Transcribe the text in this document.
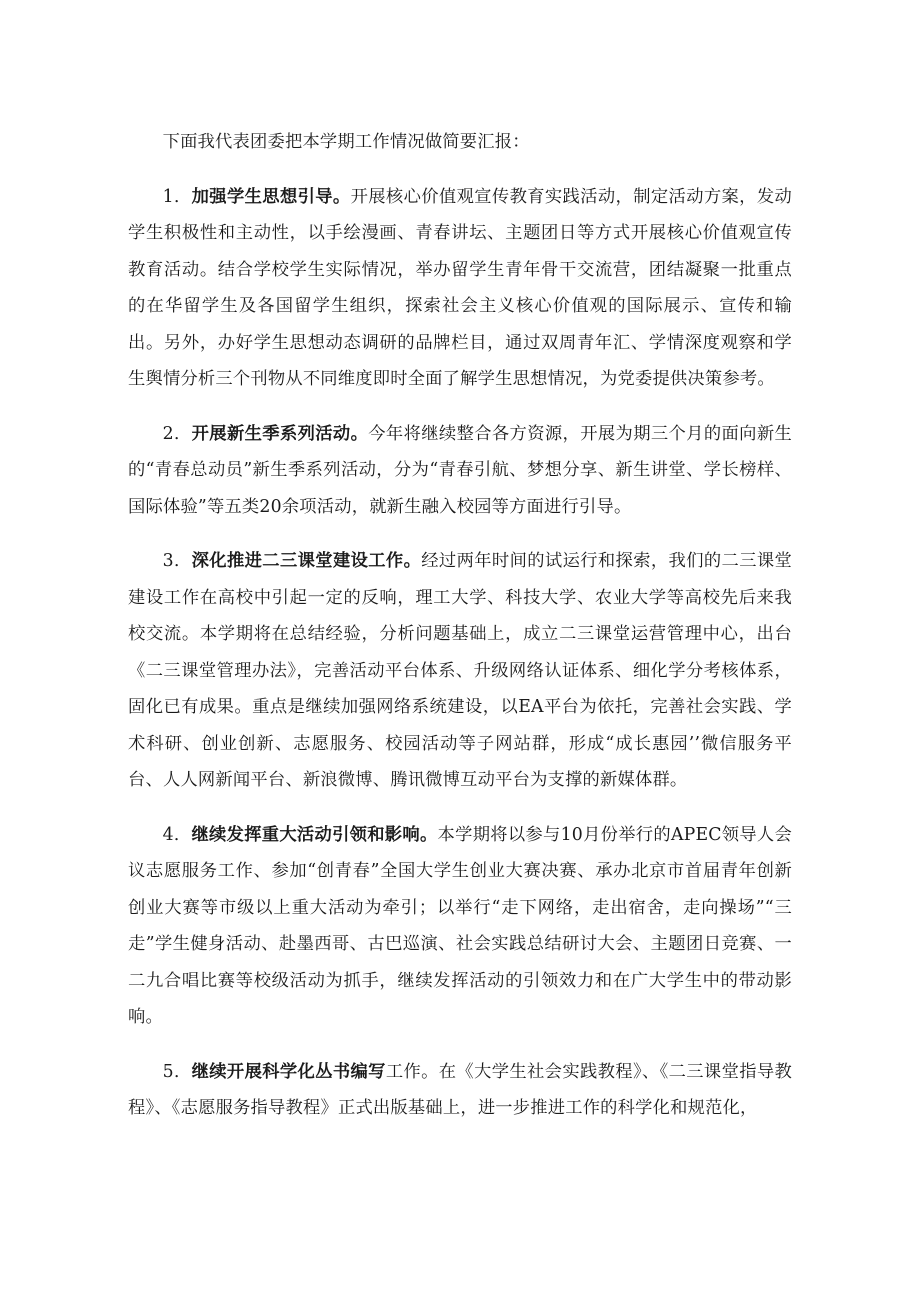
下面我代表团委把本学期工作情况做简要汇报：

1．加强学生思想引导。开展核心价值观宣传教育实践活动，制定活动方案，发动学生积极性和主动性，以手绘漫画、青春讲坛、主题团日等方式开展核心价值观宣传教育活动。结合学校学生实际情况，举办留学生青年骨干交流营，团结凝聚一批重点的在华留学生及各国留学生组织，探索社会主义核心价值观的国际展示、宣传和输出。另外，办好学生思想动态调研的品牌栏目，通过双周青年汇、学情深度观察和学生舆情分析三个刊物从不同维度即时全面了解学生思想情况，为党委提供决策参考。

2．开展新生季系列活动。今年将继续整合各方资源，开展为期三个月的面向新生的“青春总动员”新生季系列活动，分为“青春引航、梦想分享、新生讲堂、学长榜样、国际体验”等五类20余项活动，就新生融入校园等方面进行引导。

3．深化推进二三课堂建设工作。经过两年时间的试运行和探索，我们的二三课堂建设工作在高校中引起一定的反响，理工大学、科技大学、农业大学等高校先后来我校交流。本学期将在总结经验，分析问题基础上，成立二三课堂运营管理中心，出台《二三课堂管理办法》，完善活动平台体系、升级网络认证体系、细化学分考核体系，固化已有成果。重点是继续加强网络系统建设，以EA平台为依托，完善社会实践、学术科研、创业创新、志愿服务、校园活动等子网站群，形成“成长惠园’’微信服务平台、人人网新闻平台、新浪微博、腾讯微博互动平台为支撑的新媒体群。

4．继续发挥重大活动引领和影响。本学期将以参与10月份举行的APEC领导人会议志愿服务工作、参加“创青春”全国大学生创业大赛决赛、承办北京市首届青年创新创业大赛等市级以上重大活动为牵引；以举行“走下网络，走出宿舍，走向操场”“三走”学生健身活动、赴墨西哥、古巴巡演、社会实践总结研讨大会、主题团日竞赛、一二九合唱比赛等校级活动为抓手，继续发挥活动的引领效力和在广大学生中的带动影响。

5．继续开展科学化丛书编写工作。在《大学生社会实践教程》、《二三课堂指导教程》、《志愿服务指导教程》正式出版基础上，进一步推进工作的科学化和规范化，
